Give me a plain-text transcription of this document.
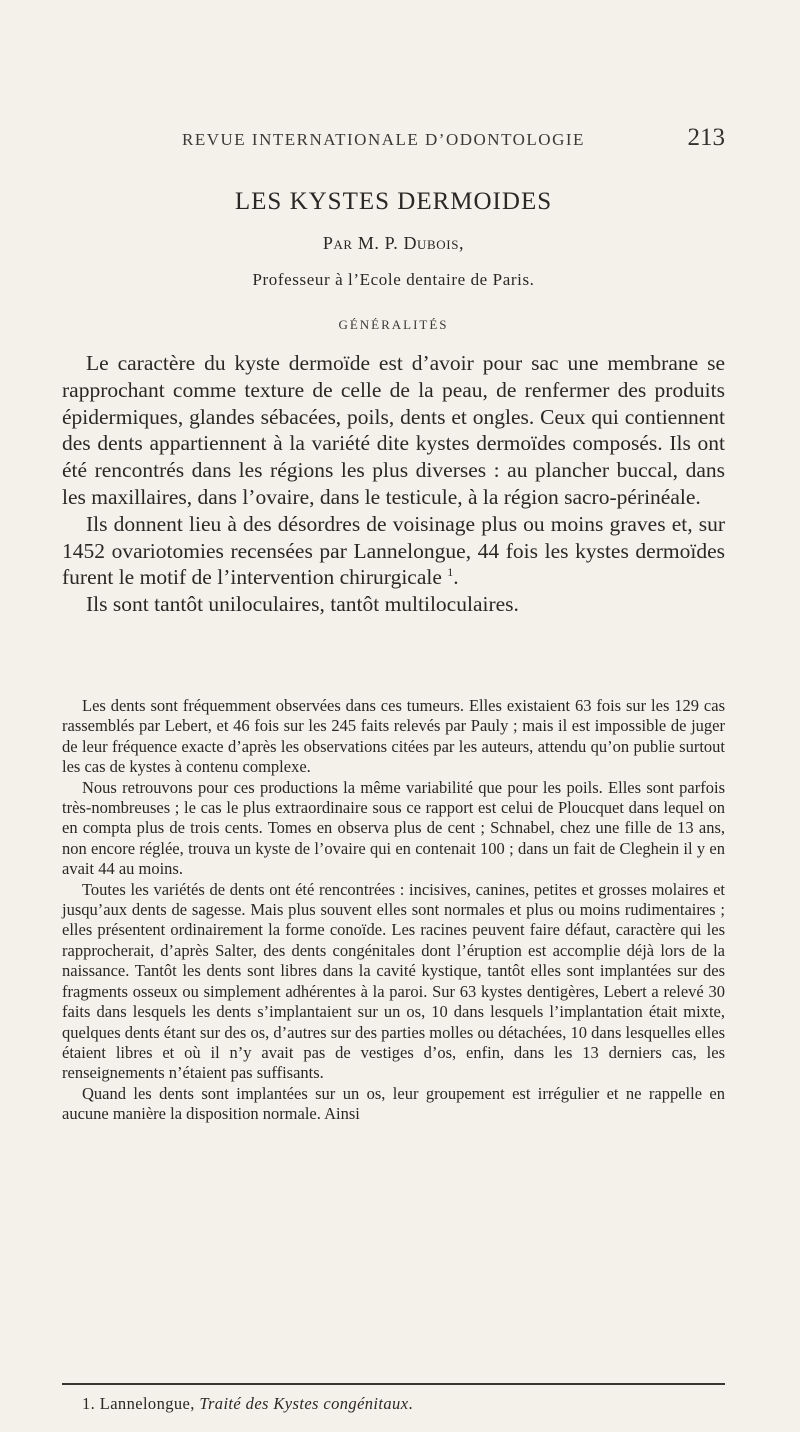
REVUE INTERNATIONALE D’ODONTOLOGIE	213
LES KYSTES DERMOIDES
Par M. P. Dubois,
Professeur à l’Ecole dentaire de Paris.
GÉNÉRALITÉS

Le caractère du kyste dermoïde est d’avoir pour sac une membrane se rapprochant comme texture de celle de la peau, de renfermer des produits épidermiques, glandes sébacées, poils, dents et ongles. Ceux qui contiennent des dents appartiennent à la variété dite kystes dermoïdes composés. Ils ont été rencontrés dans les régions les plus diverses : au plancher buccal, dans les maxillaires, dans l’ovaire, dans le testicule, à la région sacro-périnéale.

Ils donnent lieu à des désordres de voisinage plus ou moins graves et, sur 1452 ovariotomies recensées par Lannelongue, 44 fois les kystes dermoïdes furent le motif de l’intervention chirurgicale $^1$.

Ils sont tantôt uniloculaires, tantôt multiloculaires.

Les dents sont fréquemment observées dans ces tumeurs. Elles existaient 63 fois sur les 129 cas rassemblés par Lebert, et 46 fois sur les 245 faits relevés par Pauly ; mais il est impossible de juger de leur fréquence exacte d’après les observations citées par les auteurs, attendu qu’on publie surtout les cas de kystes à contenu complexe.

Nous retrouvons pour ces productions la même variabilité que pour les poils. Elles sont parfois très-nombreuses ; le cas le plus extraordinaire sous ce rapport est celui de Ploucquet dans lequel on en compta plus de trois cents. Tomes en observa plus de cent ; Schnabel, chez une fille de 13 ans, non encore réglée, trouva un kyste de l’ovaire qui en contenait 100 ; dans un fait de Cleghein il y en avait 44 au moins.

Toutes les variétés de dents ont été rencontrées : incisives, canines, petites et grosses molaires et jusqu’aux dents de sagesse. Mais plus souvent elles sont normales et plus ou moins rudimentaires ; elles présentent ordinairement la forme conoïde. Les racines peuvent faire défaut, caractère qui les rapprocherait, d’après Salter, des dents congénitales dont l’éruption est accomplie déjà lors de la naissance. Tantôt les dents sont libres dans la cavité kystique, tantôt elles sont implantées sur des fragments osseux ou simplement adhérentes à la paroi. Sur 63 kystes dentigères, Lebert a relevé 30 faits dans lesquels les dents s’implantaient sur un os, 10 dans lesquels l’implantation était mixte, quelques dents étant sur des os, d’autres sur des parties molles ou détachées, 10 dans lesquelles elles étaient libres et où il n’y avait pas de vestiges d’os, enfin, dans les 13 derniers cas, les renseignements n’étaient pas suffisants.

Quand les dents sont implantées sur un os, leur groupement est irrégulier et ne rappelle en aucune manière la disposition normale. Ainsi

1. Lannelongue, Traité des Kystes congénitaux.
